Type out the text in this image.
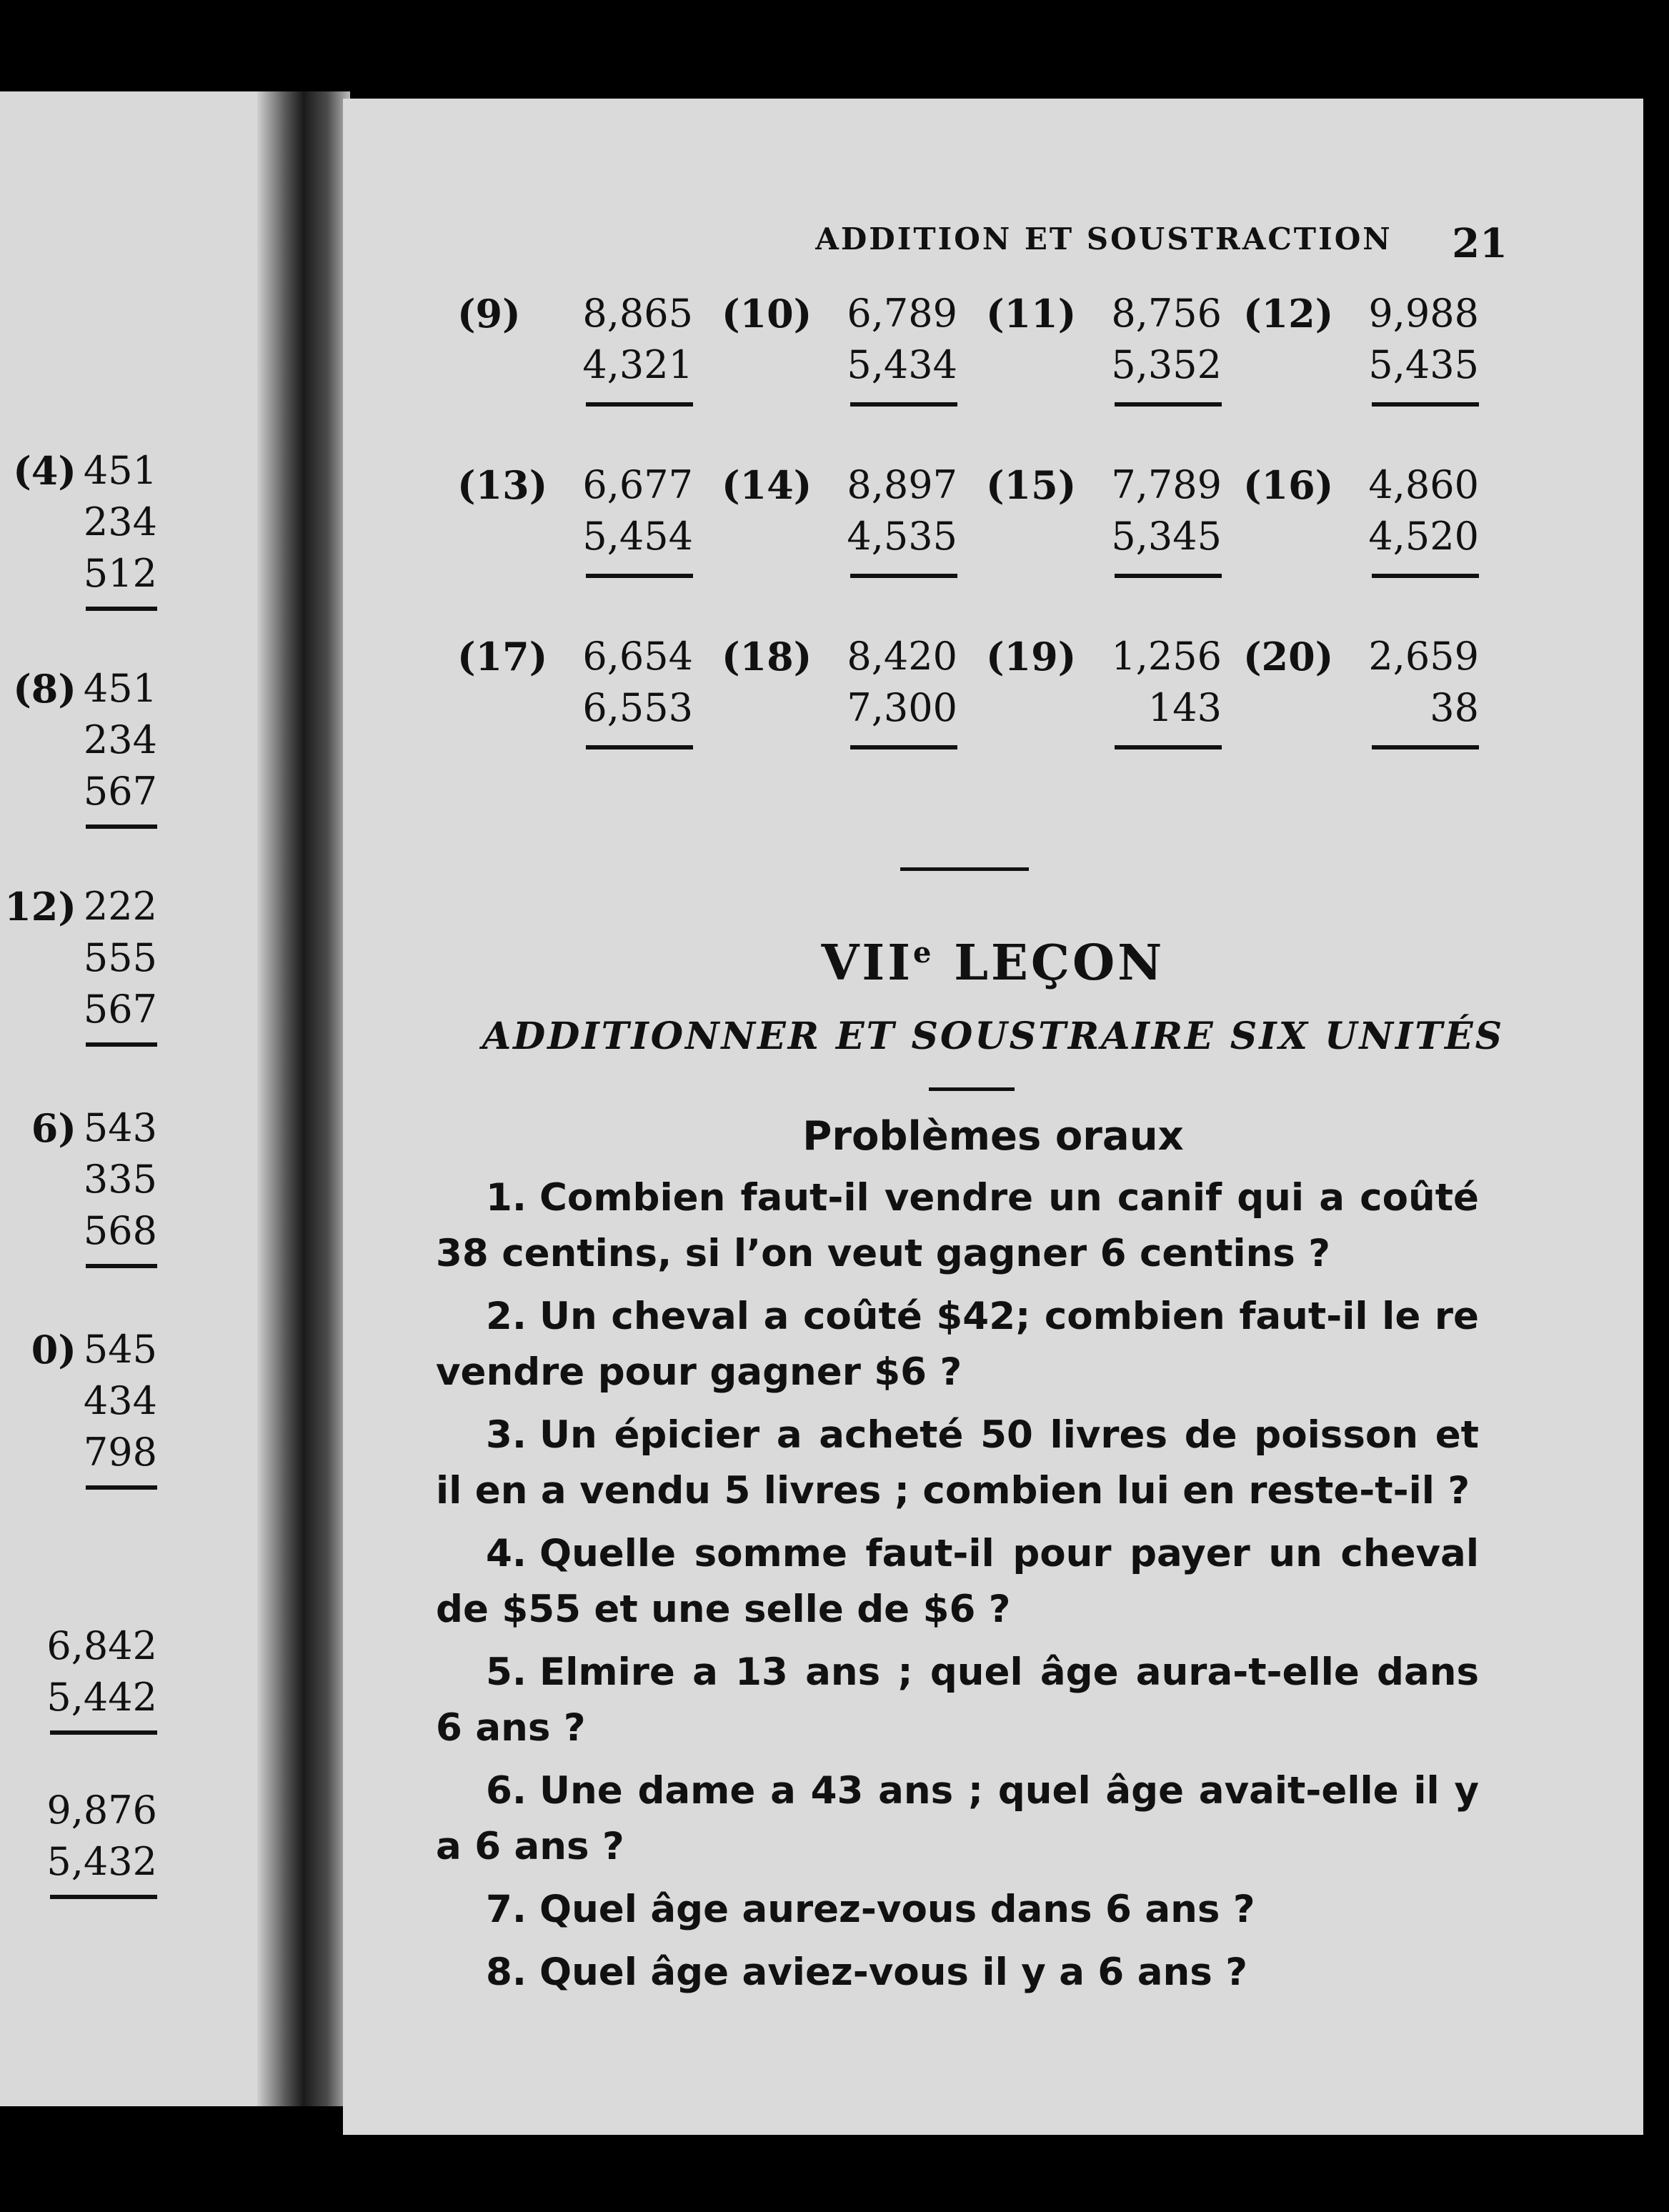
(4) 451
234
512
(8) 451
234
567
12) 222
555
567
6) 543
335
568
0) 545
434
798
6,842
5,442
9,876
5,432
ADDITION ET SOUSTRACTION	21
(9) 8,865
4,321
(10) 6,789
5,434
(11) 8,756
5,352
(12) 9,988
5,435
(13) 6,677
5,454
(14) 8,897
4,535
(15) 7,789
5,345
(16) 4,860
4,520
(17) 6,654
6,553
(18) 8,420
7,300
(19) 1,256
143
(20) 2,659
38
VIIe LEÇON
ADDITIONNER ET SOUSTRAIRE SIX UNITÉS
Problèmes oraux

1. Combien faut-il vendre un canif qui a coûté 38 centins, si l’on veut gagner 6 centins ?

2. Un cheval a coûté $42; combien faut-il le re vendre pour gagner $6 ?

3. Un épicier a acheté 50 livres de poisson et il en a vendu 5 livres ; combien lui en reste-t-il ?

4. Quelle somme faut-il pour payer un cheval de $55 et une selle de $6 ?

5. Elmire a 13 ans ; quel âge aura-t-elle dans 6 ans ?

6. Une dame a 43 ans ; quel âge avait-elle il y a 6 ans ?

7. Quel âge aurez-vous dans 6 ans ?

8. Quel âge aviez-vous il y a 6 ans ?
